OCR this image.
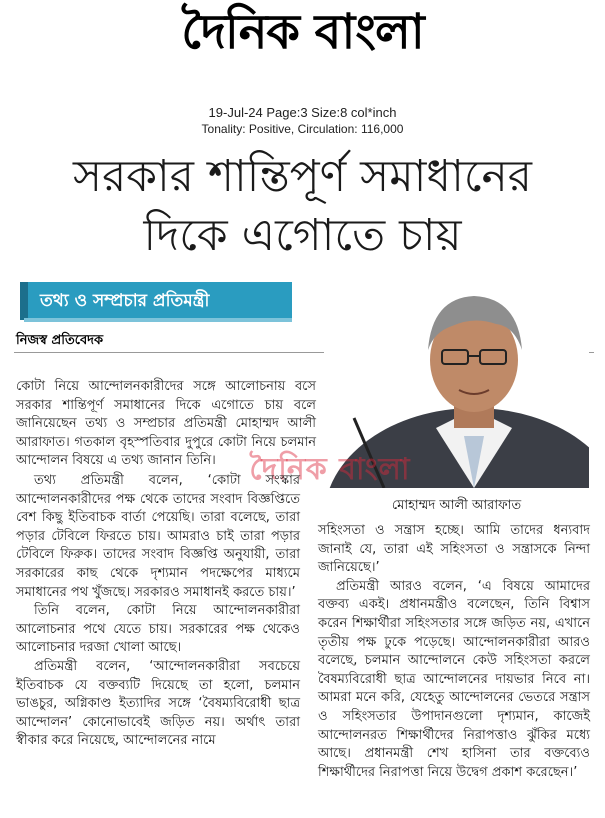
দৈনিক বাংলা
19-Jul-24 Page:3 Size:8 col*inch
Tonality: Positive, Circulation: 116,000
সরকার শান্তিপূর্ণ সমাধানের
দিকে এগোতে চায়
তথ্য ও সম্প্রচার প্রতিমন্ত্রী
নিজস্ব প্রতিবেদক
দৈনিক বাংলা
মোহাম্মদ আলী আরাফাত

কোটা নিয়ে আন্দোলনকারীদের সঙ্গে আলোচনায় বসে সরকার শান্তিপূর্ণ সমাধানের দিকে এগোতে চায় বলে জানিয়েছেন তথ্য ও সম্প্রচার প্রতিমন্ত্রী মোহাম্মদ আলী আরাফাত। গতকাল বৃহস্পতিবার দুপুরে কোটা নিয়ে চলমান আন্দোলন বিষয়ে এ তথ্য জানান তিনি।

তথ্য প্রতিমন্ত্রী বলেন, ‘কোটা সংস্কার আন্দোলনকারীদের পক্ষ থেকে তাদের সংবাদ বিজ্ঞপ্তিতে বেশ কিছু ইতিবাচক বার্তা পেয়েছি। তারা বলেছে, তারা পড়ার টেবিলে ফিরতে চায়। আমরাও চাই তারা পড়ার টেবিলে ফিরুক। তাদের সংবাদ বিজ্ঞপ্তি অনুযায়ী, তারা সরকারের কাছ থেকে দৃশ্যমান পদক্ষেপের মাধ্যমে সমাধানের পথ খুঁজছে। সরকারও সমাধানই করতে চায়।’

তিনি বলেন, কোটা নিয়ে আন্দোলনকারীরা আলোচনার পথে যেতে চায়। সরকারের পক্ষ থেকেও আলোচনার দরজা খোলা আছে।

প্রতিমন্ত্রী বলেন, ‘আন্দোলনকারীরা সবচেয়ে ইতিবাচক যে বক্তব্যটি দিয়েছে তা হলো, চলমান ভাঙচুর, অগ্নিকাণ্ড ইত্যাদির সঙ্গে ‘বৈষম্যবিরোধী ছাত্র আন্দোলন’ কোনোভাবেই জড়িত নয়। অর্থাৎ তারা স্বীকার করে নিয়েছে, আন্দোলনের নামে

সহিংসতা ও সন্ত্রাস হচ্ছে। আমি তাদের ধন্যবাদ জানাই যে, তারা এই সহিংসতা ও সন্ত্রাসকে নিন্দা জানিয়েছে।’

প্রতিমন্ত্রী আরও বলেন, ‘এ বিষয়ে আমাদের বক্তব্য একই। প্রধানমন্ত্রীও বলেছেন, তিনি বিশ্বাস করেন শিক্ষার্থীরা সহিংসতার সঙ্গে জড়িত নয়, এখানে তৃতীয় পক্ষ ঢুকে পড়েছে। আন্দোলনকারীরা আরও বলেছে, চলমান আন্দোলনে কেউ সহিংসতা করলে বৈষম্যবিরোধী ছাত্র আন্দোলনের দায়ভার নিবে না। আমরা মনে করি, যেহেতু আন্দোলনের ভেতরে সন্ত্রাস ও সহিংসতার উপাদানগুলো দৃশ্যমান, কাজেই আন্দোলনরত শিক্ষার্থীদের নিরাপত্তাও ঝুঁকির মধ্যে আছে। প্রধানমন্ত্রী শেখ হাসিনা তার বক্তব্যেও শিক্ষার্থীদের নিরাপত্তা নিয়ে উদ্বেগ প্রকাশ করেছেন।’
